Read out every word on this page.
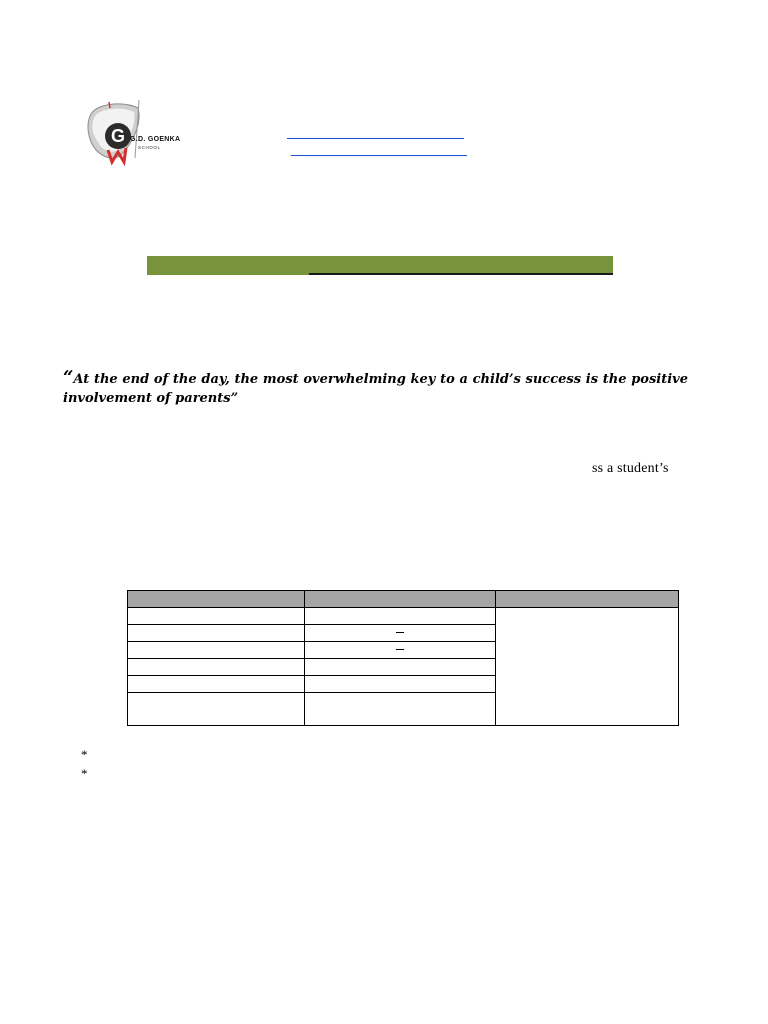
G G.D. GOENKA
SCHOOL
“At the end of the day, the most overwhelming key to a child’s success is the positive involvement of parents”
ss a student’s

*
*
